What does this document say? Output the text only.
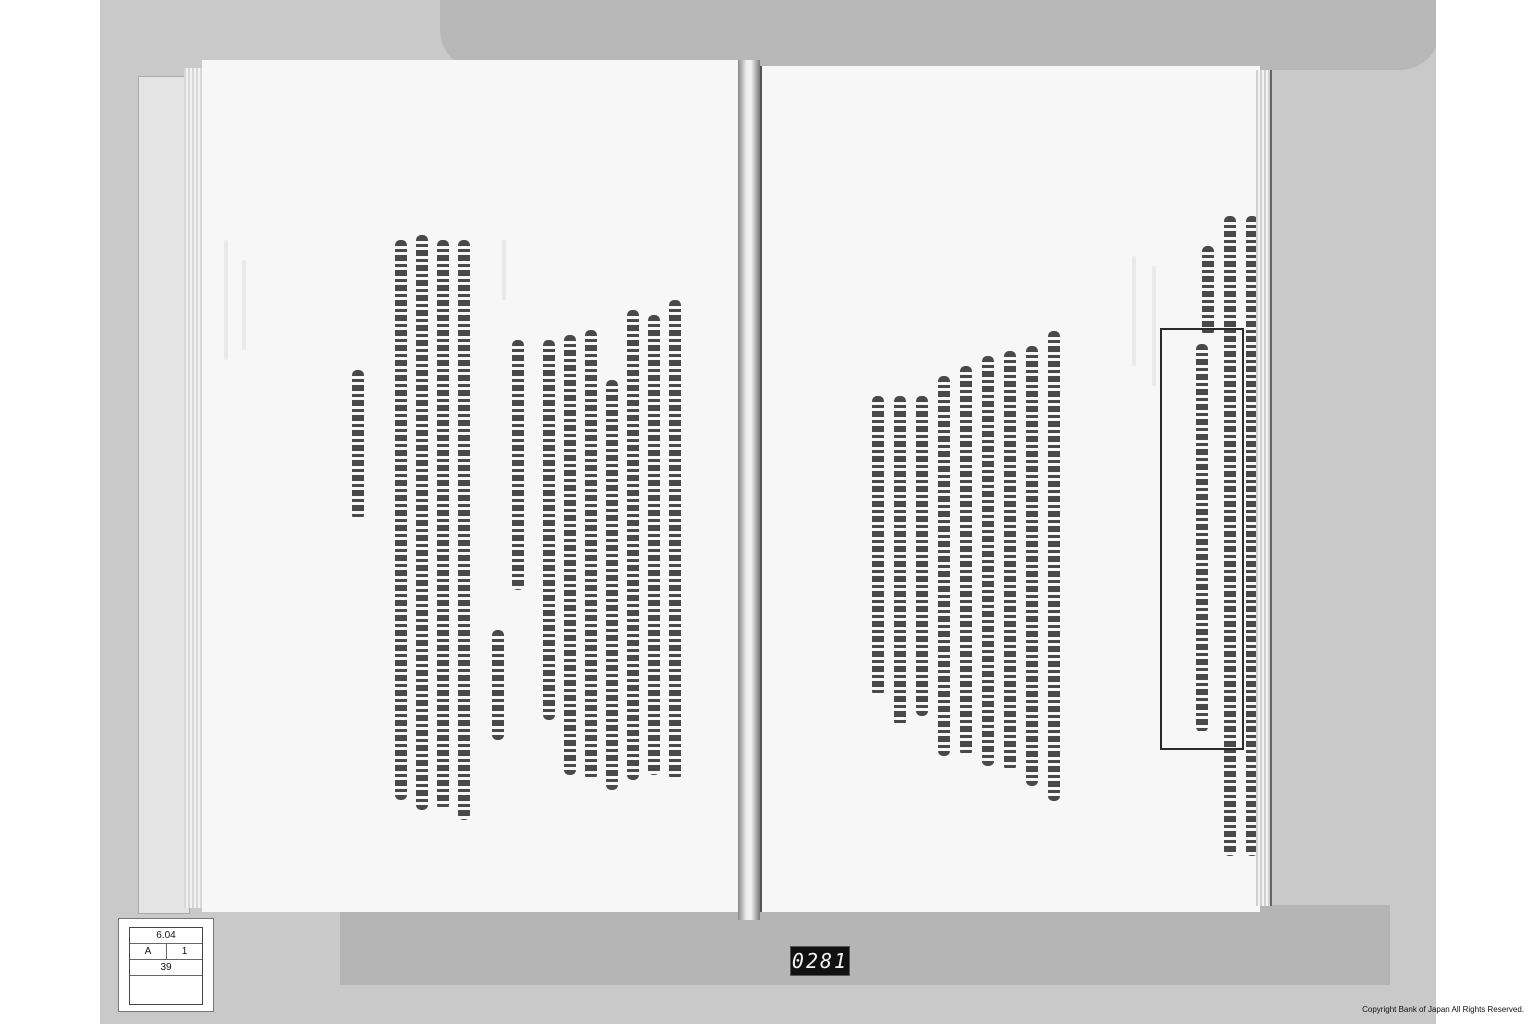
6.04
A	1
39	0281
Copyright Bank of Japan All Rights Reserved.
